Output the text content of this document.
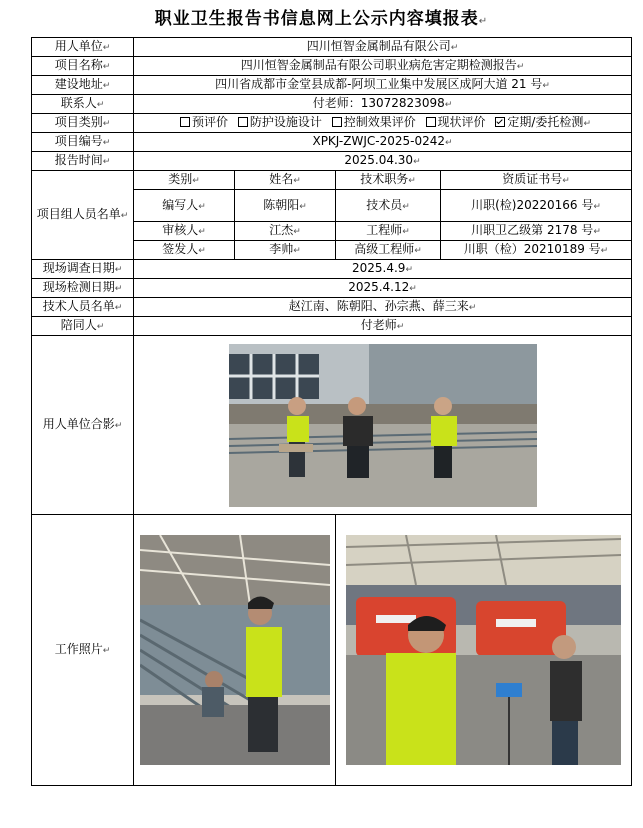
职业卫生报告书信息网上公示内容填报表↵
用人单位↵	四川恒智金属制品有限公司↵			
项目名称↵	四川恒智金属制品有限公司职业病危害定期检测报告↵			
建设地址↵	四川省成都市金堂县成都-阿坝工业集中发展区成阿大道 21 号↵			
联系人↵	付老师：13072823098↵			
项目类别↵	预评价 防护设施设计 控制效果评价 现状评价 定期/委托检测↵			
项目编号↵	XPKJ-ZWJC-2025-0242↵			
报告时间↵	2025.04.30↵			
项目组人员名单↵	类别↵	姓名↵	技术职务↵	资质证书号↵
	编写人↵	陈朝阳↵	技术员↵	川职(检)20220166 号↵
	审核人↵	江杰↵	工程师↵	川职卫乙级第 2178 号↵
	签发人↵	李帅↵	高级工程师↵	川职（检）20210189 号↵
现场调查日期↵	2025.4.9↵			
现场检测日期↵	2025.4.12↵			
技术人员名单↵	赵江南、陈朝阳、孙宗燕、薛三来↵			
陪同人↵	付老师↵			
用人单位合影↵	

工作照片↵	
